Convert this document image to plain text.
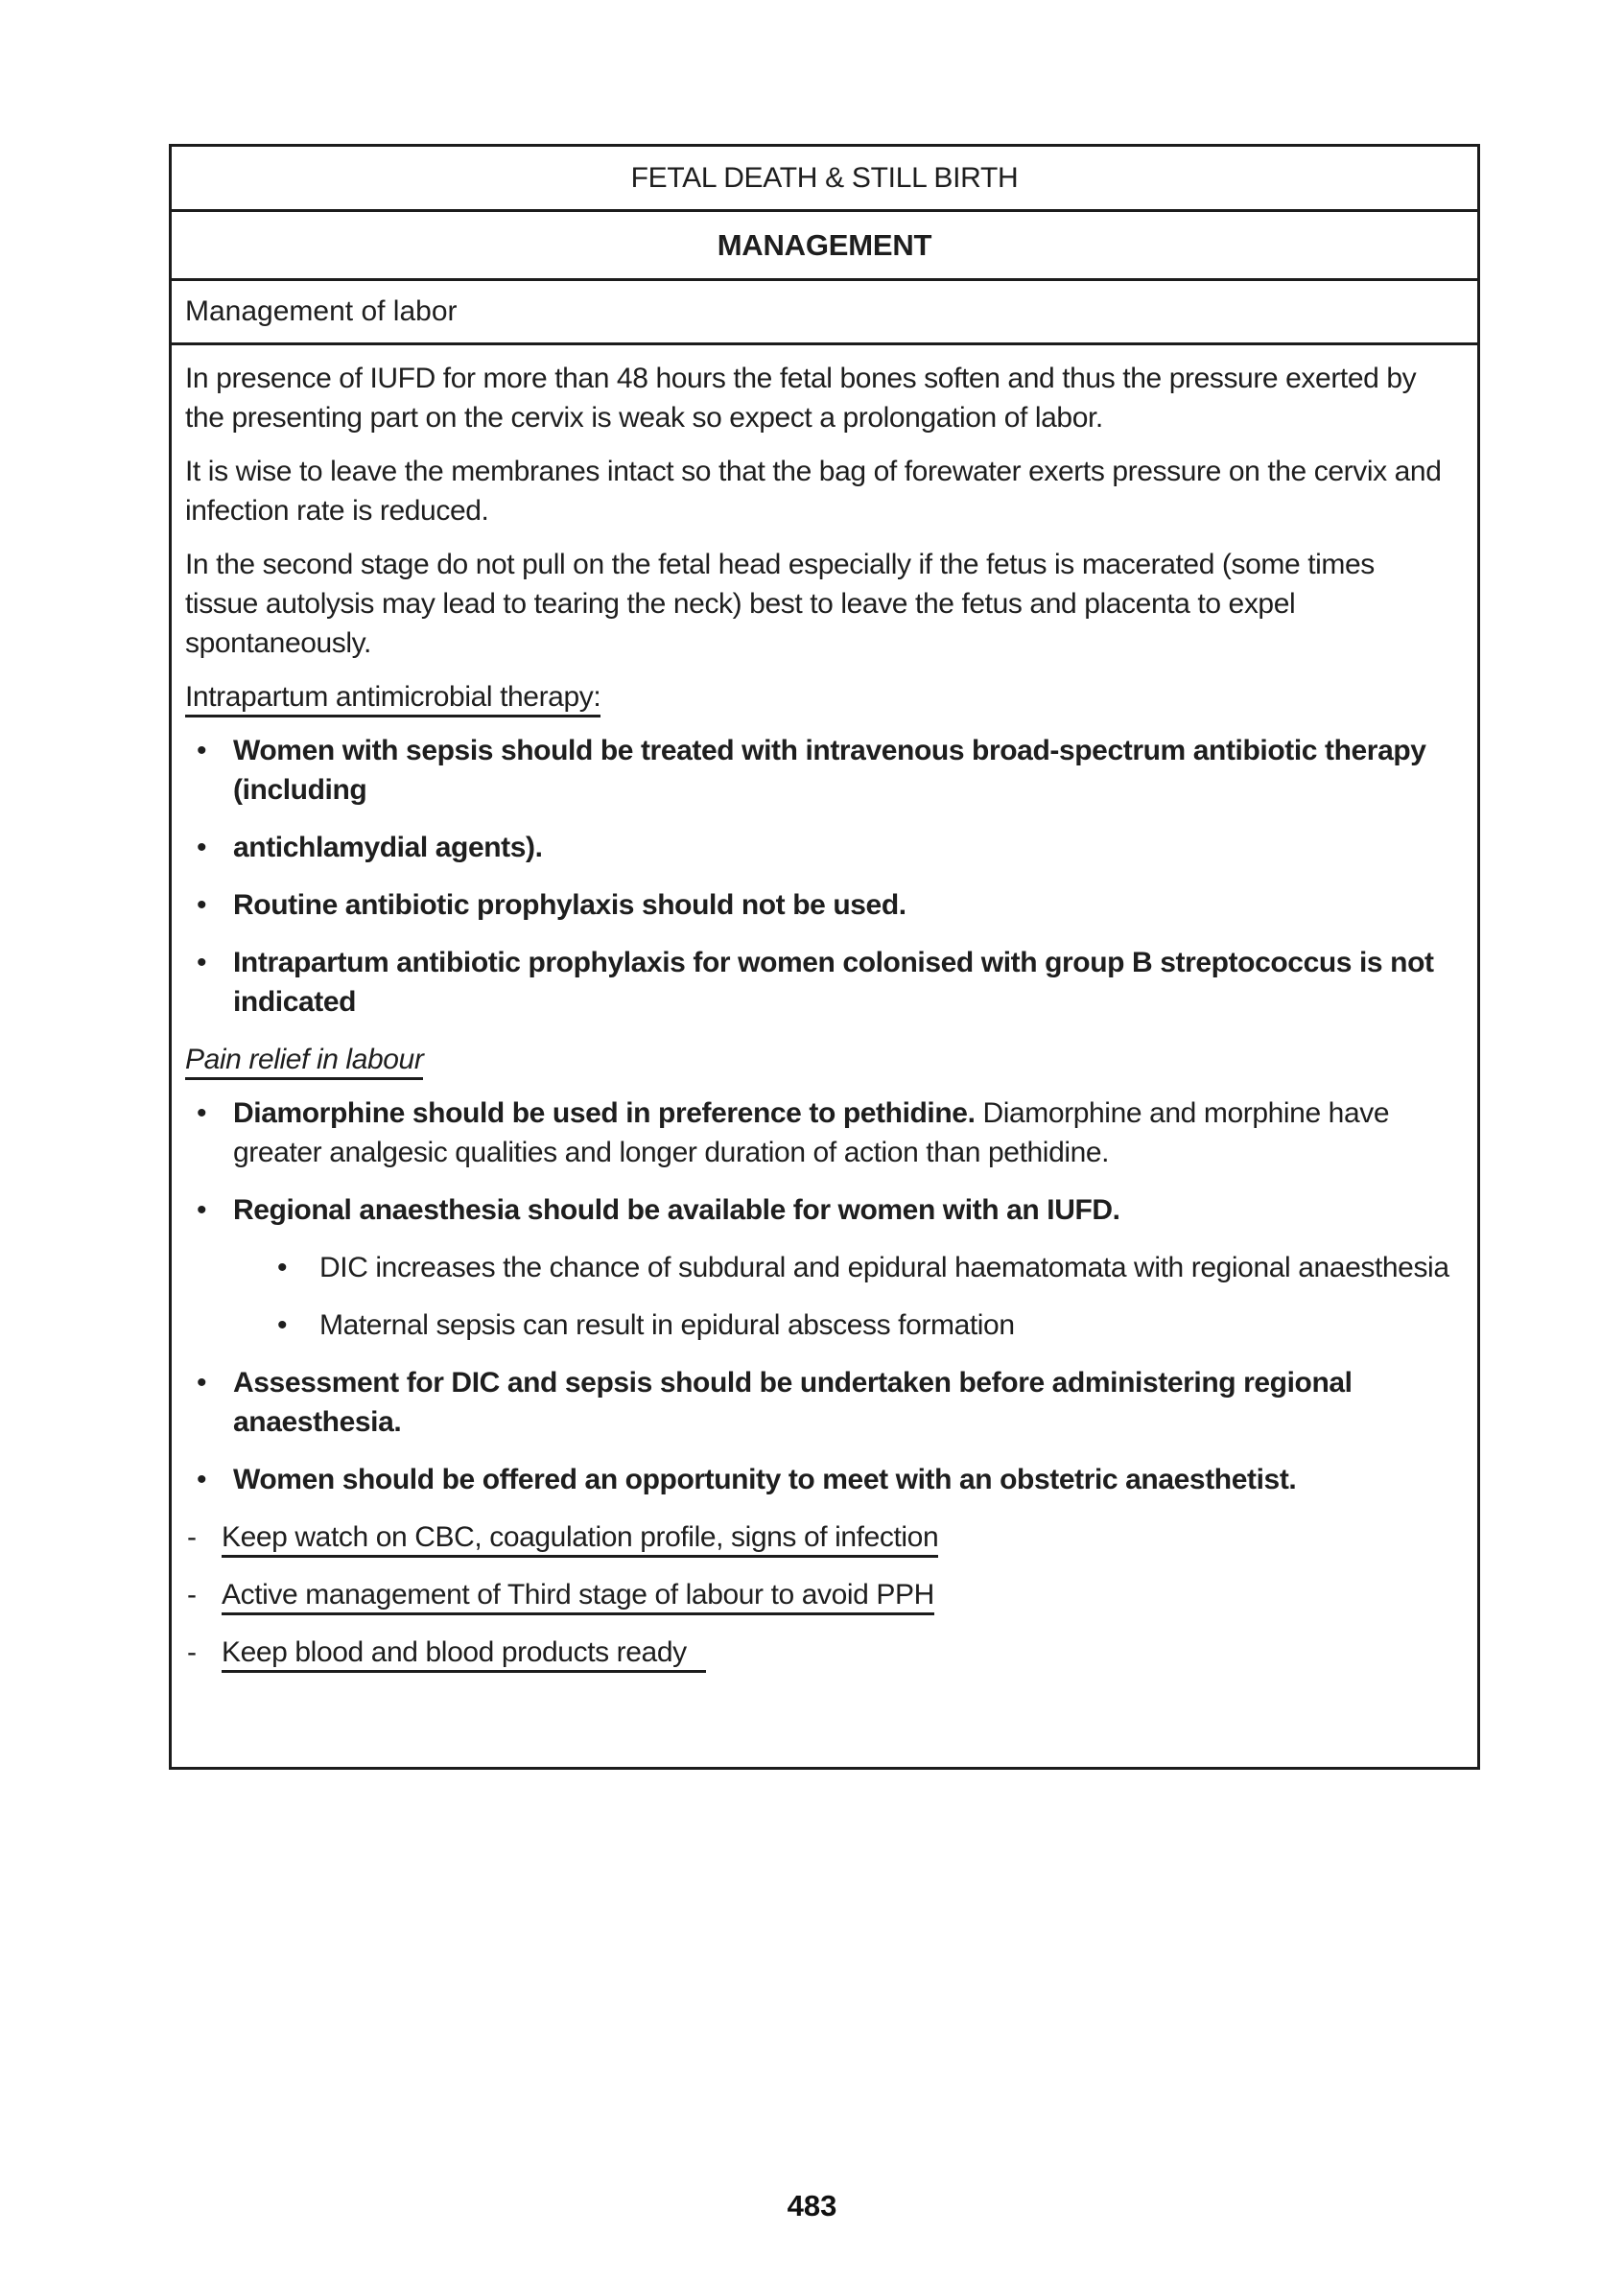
FETAL DEATH & STILL BIRTH
MANAGEMENT
Management of labor

In presence of IUFD for more than 48 hours the fetal bones soften and thus the pressure exerted by the presenting part on the cervix is weak so expect a prolongation of labor.

It is wise to leave the membranes intact so that the bag of forewater exerts pressure on the cervix and infection rate is reduced.

In the second stage do not pull on the fetal head especially if the fetus is macerated (some times tissue autolysis may lead to tearing the neck) best to leave the fetus and placenta to expel spontaneously.

Intrapartum antimicrobial therapy:

• Women with sepsis should be treated with intravenous broad-spectrum antibiotic therapy (including
• antichlamydial agents).
• Routine antibiotic prophylaxis should not be used.
• Intrapartum antibiotic prophylaxis for women colonised with group B streptococcus is not indicated

Pain relief in labour

• Diamorphine should be used in preference to pethidine. Diamorphine and morphine have greater analgesic qualities and longer duration of action than pethidine.
• Regional anaesthesia should be available for women with an IUFD.
• DIC increases the chance of subdural and epidural haematomata with regional anaesthesia
• Maternal sepsis can result in epidural abscess formation
• Assessment for DIC and sepsis should be undertaken before administering regional anaesthesia.
• Women should be offered an opportunity to meet with an obstetric anaesthetist.
- Keep watch on CBC, coagulation profile, signs of infection
- Active management of Third stage of labour to avoid PPH
- Keep blood and blood products ready
483
